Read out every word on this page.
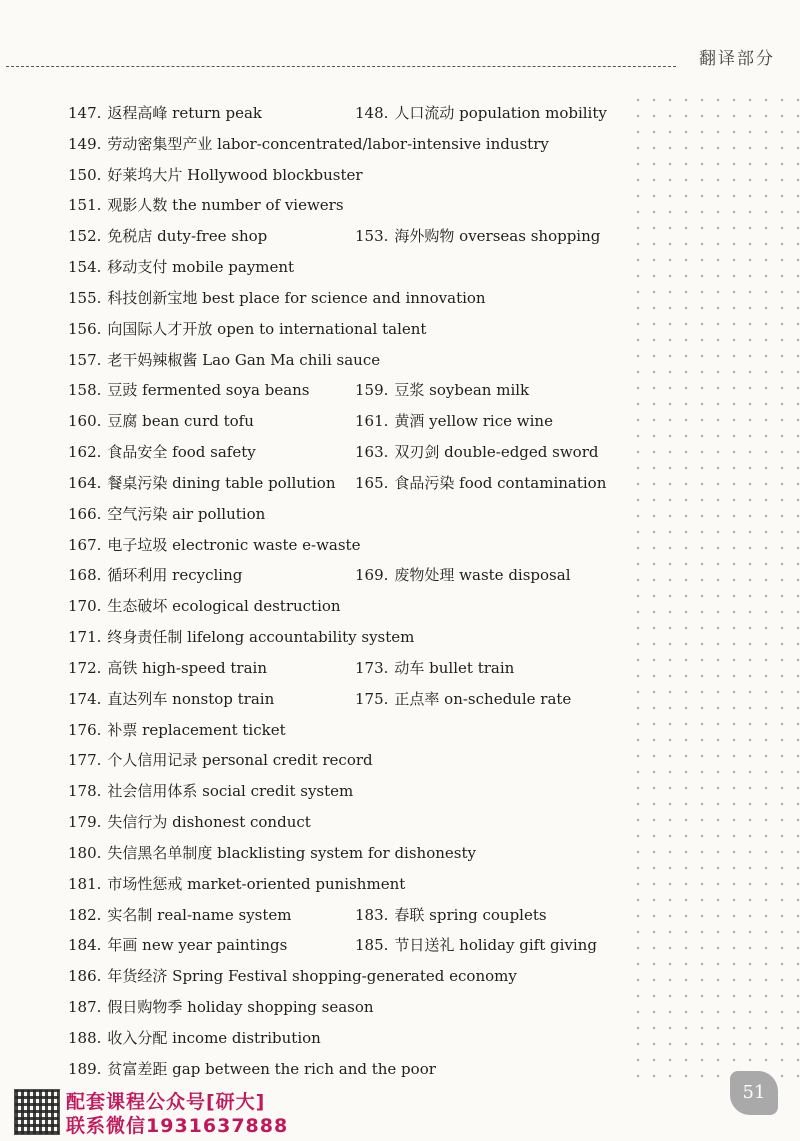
翻译部分
147. 返程高峰 return peak	148. 人口流动 population mobility
149. 劳动密集型产业 labor-concentrated/labor-intensive industry
150. 好莱坞大片 Hollywood blockbuster
151. 观影人数 the number of viewers
152. 免税店 duty-free shop	153. 海外购物 overseas shopping
154. 移动支付 mobile payment
155. 科技创新宝地 best place for science and innovation
156. 向国际人才开放 open to international talent
157. 老干妈辣椒酱 Lao Gan Ma chili sauce
158. 豆豉 fermented soya beans	159. 豆浆 soybean milk
160. 豆腐 bean curd tofu	161. 黄酒 yellow rice wine
162. 食品安全 food safety	163. 双刃剑 double-edged sword
164. 餐桌污染 dining table pollution 165. 食品污染 food contamination
166. 空气污染 air pollution
167. 电子垃圾 electronic waste e-waste
168. 循环利用 recycling	169. 废物处理 waste disposal
170. 生态破坏 ecological destruction
171. 终身责任制 lifelong accountability system
172. 高铁 high-speed train	173. 动车 bullet train
174. 直达列车 nonstop train	175. 正点率 on-schedule rate
176. 补票 replacement ticket
177. 个人信用记录 personal credit record
178. 社会信用体系 social credit system
179. 失信行为 dishonest conduct
180. 失信黑名单制度 blacklisting system for dishonesty
181. 市场性惩戒 market-oriented punishment
182. 实名制 real-name system	183. 春联 spring couplets
184. 年画 new year paintings	185. 节日送礼 holiday gift giving
186. 年货经济 Spring Festival shopping-generated economy
187. 假日购物季 holiday shopping season
188. 收入分配 income distribution
189. 贫富差距 gap between the rich and the poor
配套课程公众号[研大]
联系微信1931637888
51
